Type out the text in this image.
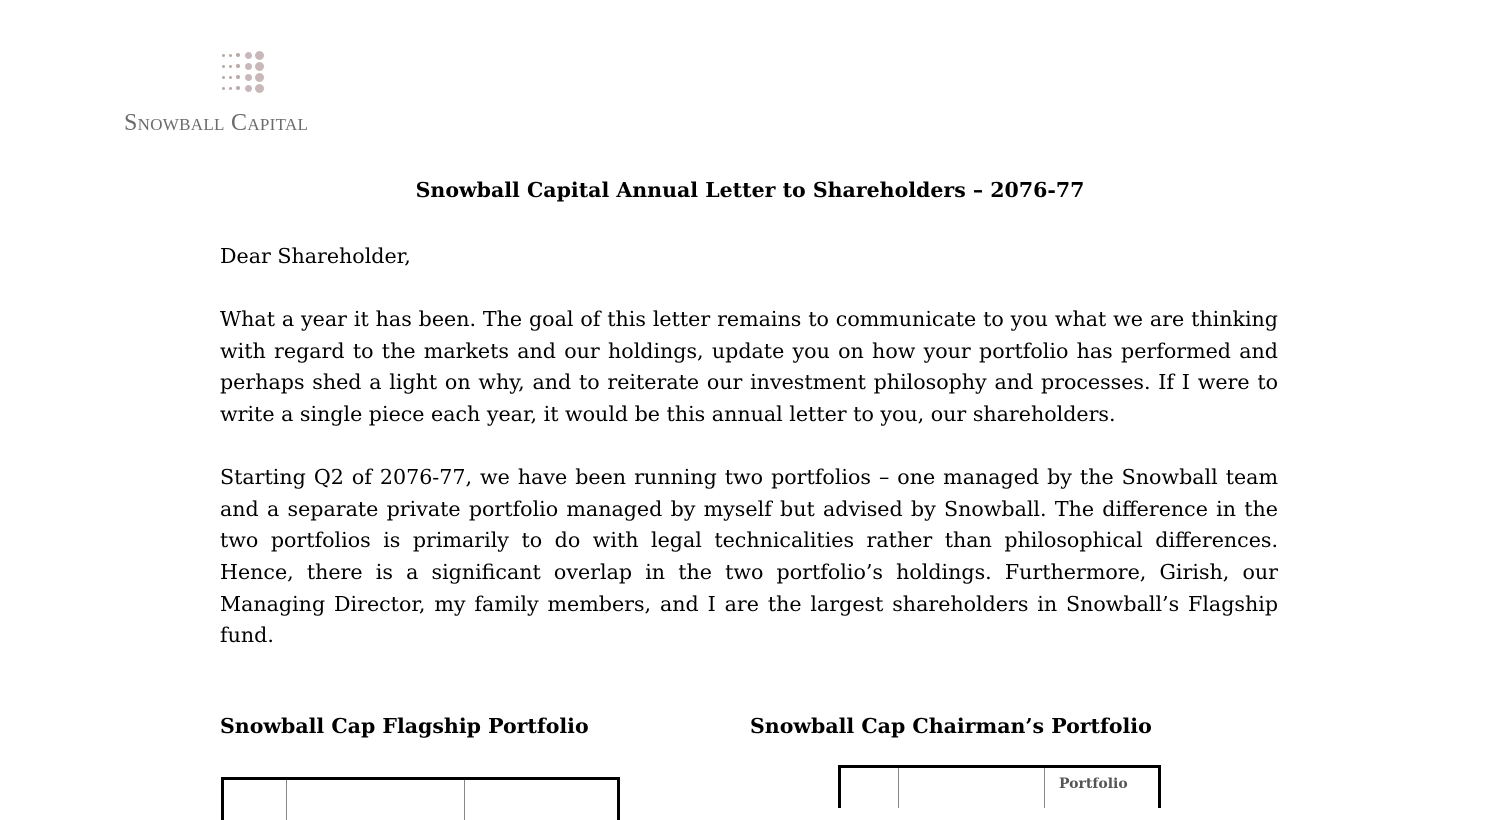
Snowball Capital
Snowball Capital Annual Letter to Shareholders – 2076-77

Dear Shareholder,

What a year it has been. The goal of this letter remains to communicate to you what we are thinking with regard to the markets and our holdings, update you on how your portfolio has performed and perhaps shed a light on why, and to reiterate our investment philosophy and processes. If I were to write a single piece each year, it would be this annual letter to you, our shareholders.

Starting Q2 of 2076-77, we have been running two portfolios – one managed by the Snowball team and a separate private portfolio managed by myself but advised by Snowball. The difference in the two portfolios is primarily to do with legal technicalities rather than philosophical differences. Hence, there is a significant overlap in the two portfolio’s holdings. Furthermore, Girish, our Managing Director, my family members, and I are the largest shareholders in Snowball’s Flagship fund.

Snowball Cap Flagship Portfolio	Snowball Cap Chairman’s Portfolio
Portfolio
